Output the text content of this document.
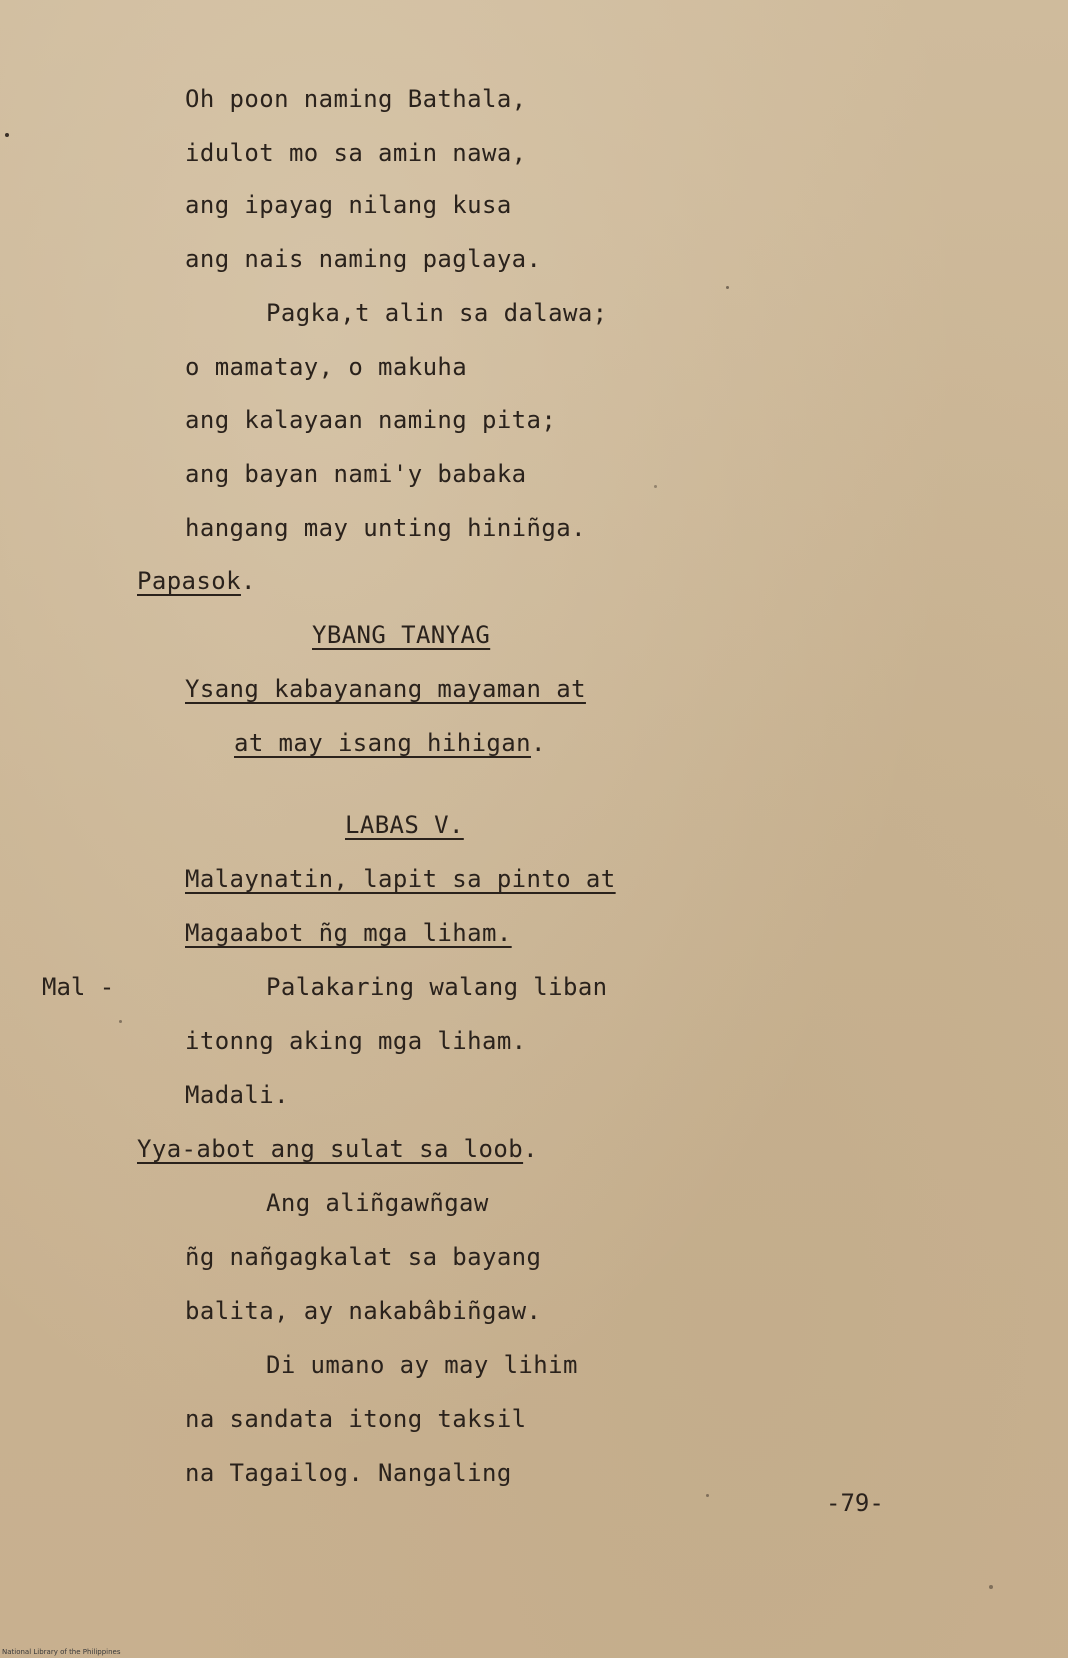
Oh poon naming Bathala,
idulot mo sa amin nawa,
ang ipayag nilang kusa
ang nais naming paglaya.
Pagka,t alin sa dalawa;
o mamatay, o makuha
ang kalayaan naming pita;
ang bayan nami'y babaka
hangang may unting hiniñga.
Papasok.
YBANG TANYAG
Ysang kabayanang mayaman at
at may isang hihigan.
LABAS V.
Malaynatin, lapit sa pinto at
Magaabot ñg mga liham.
Mal -	Palakaring walang liban
itonng aking mga liham.
Madali.
Yya-abot ang sulat sa loob.
Ang aliñgawñgaw
ñg nañgagkalat sa bayang
balita, ay nakabâbiñgaw.
Di umano ay may lihim
na sandata itong taksil
na Tagailog. Nangaling
-79-
National Library of the Philippines
